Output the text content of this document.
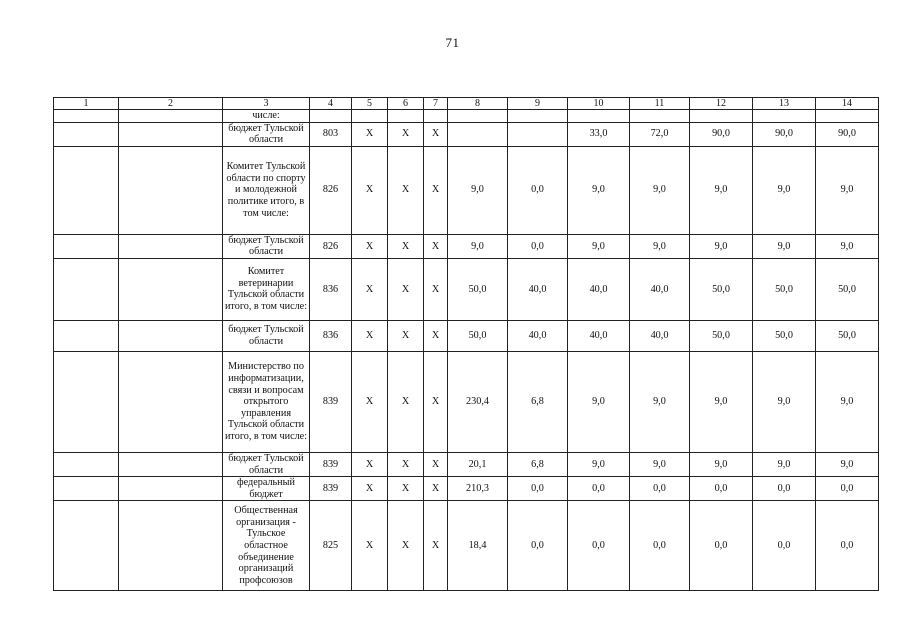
71
1	2	3	4	5	6	7	8	9	10	11	12	13	14
		числе:											
		бюджет Тульской области	803	X	X	X			33,0	72,0	90,0	90,0	90,0
		Комитет Тульской области по спорту и молодежной политике итого, в том числе:	826	X	X	X	9,0	0,0	9,0	9,0	9,0	9,0	9,0
		бюджет Тульской области	826	X	X	X	9,0	0,0	9,0	9,0	9,0	9,0	9,0
		Комитет ветеринарии Тульской области итого, в том числе:	836	X	X	X	50,0	40,0	40,0	40,0	50,0	50,0	50,0
		бюджет Тульской области	836	X	X	X	50,0	40,0	40,0	40,0	50,0	50,0	50,0
		Министерство по информатизации, связи и вопросам открытого управления Тульской области итого, в том числе:	839	X	X	X	230,4	6,8	9,0	9,0	9,0	9,0	9,0
		бюджет Тульской области	839	X	X	X	20,1	6,8	9,0	9,0	9,0	9,0	9,0
		федеральный бюджет	839	X	X	X	210,3	0,0	0,0	0,0	0,0	0,0	0,0
		Общественная организация - Тульское областное объединение организаций профсоюзов	825	X	X	X	18,4	0,0	0,0	0,0	0,0	0,0	0,0
